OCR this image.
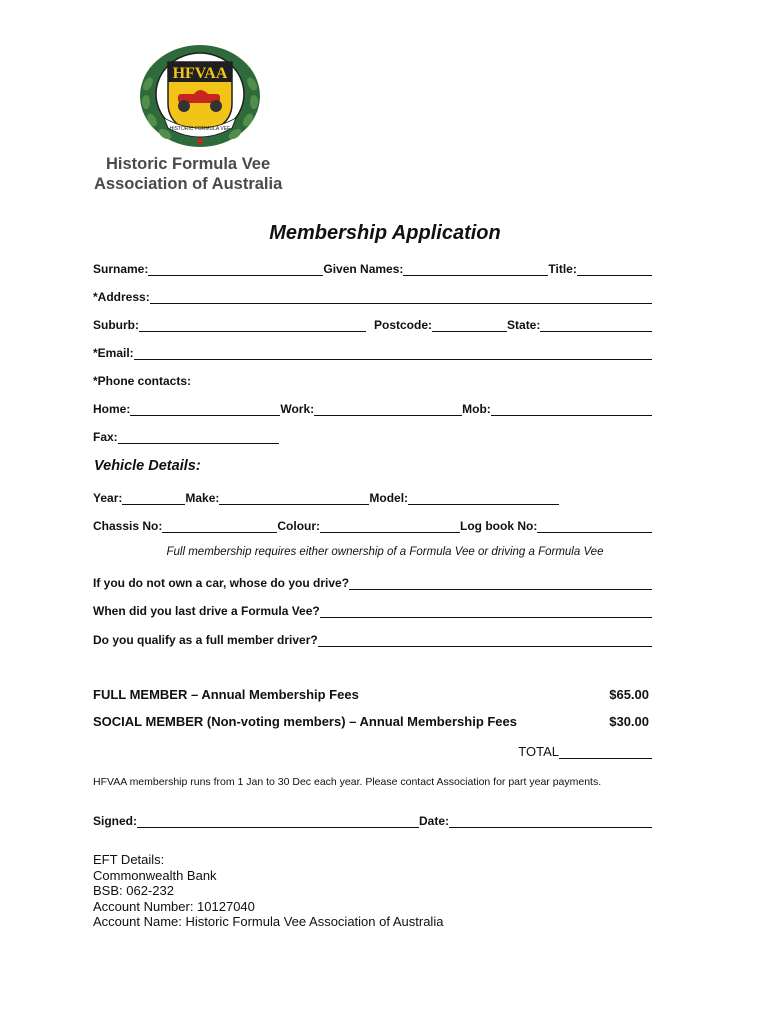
HFVAA
HISTORIC FORMULA VEE
Historic Formula Vee
Association of Australia
Membership Application
Surname:	Given Names:	Title:
*Address:
Suburb:	Postcode:	State:
*Email:
*Phone contacts:
Home:	Work:	Mob:
Fax:
Vehicle Details:
Year:	Make:	Model:
Chassis No:	Colour:	Log book No:
Full membership requires either ownership of a Formula Vee or driving a Formula Vee
If you do not own a car, whose do you drive?
When did you last drive a Formula Vee?
Do you qualify as a full member driver?
FULL MEMBER – Annual Membership Fees	$65.00
SOCIAL MEMBER (Non-voting members) – Annual Membership Fees	$30.00
TOTAL
HFVAA membership runs from 1 Jan to 30 Dec each year. Please contact Association for part year payments.
Signed:	Date:
EFT Details:
Commonwealth Bank
BSB: 062-232
Account Number: 10127040
Account Name: Historic Formula Vee Association of Australia
